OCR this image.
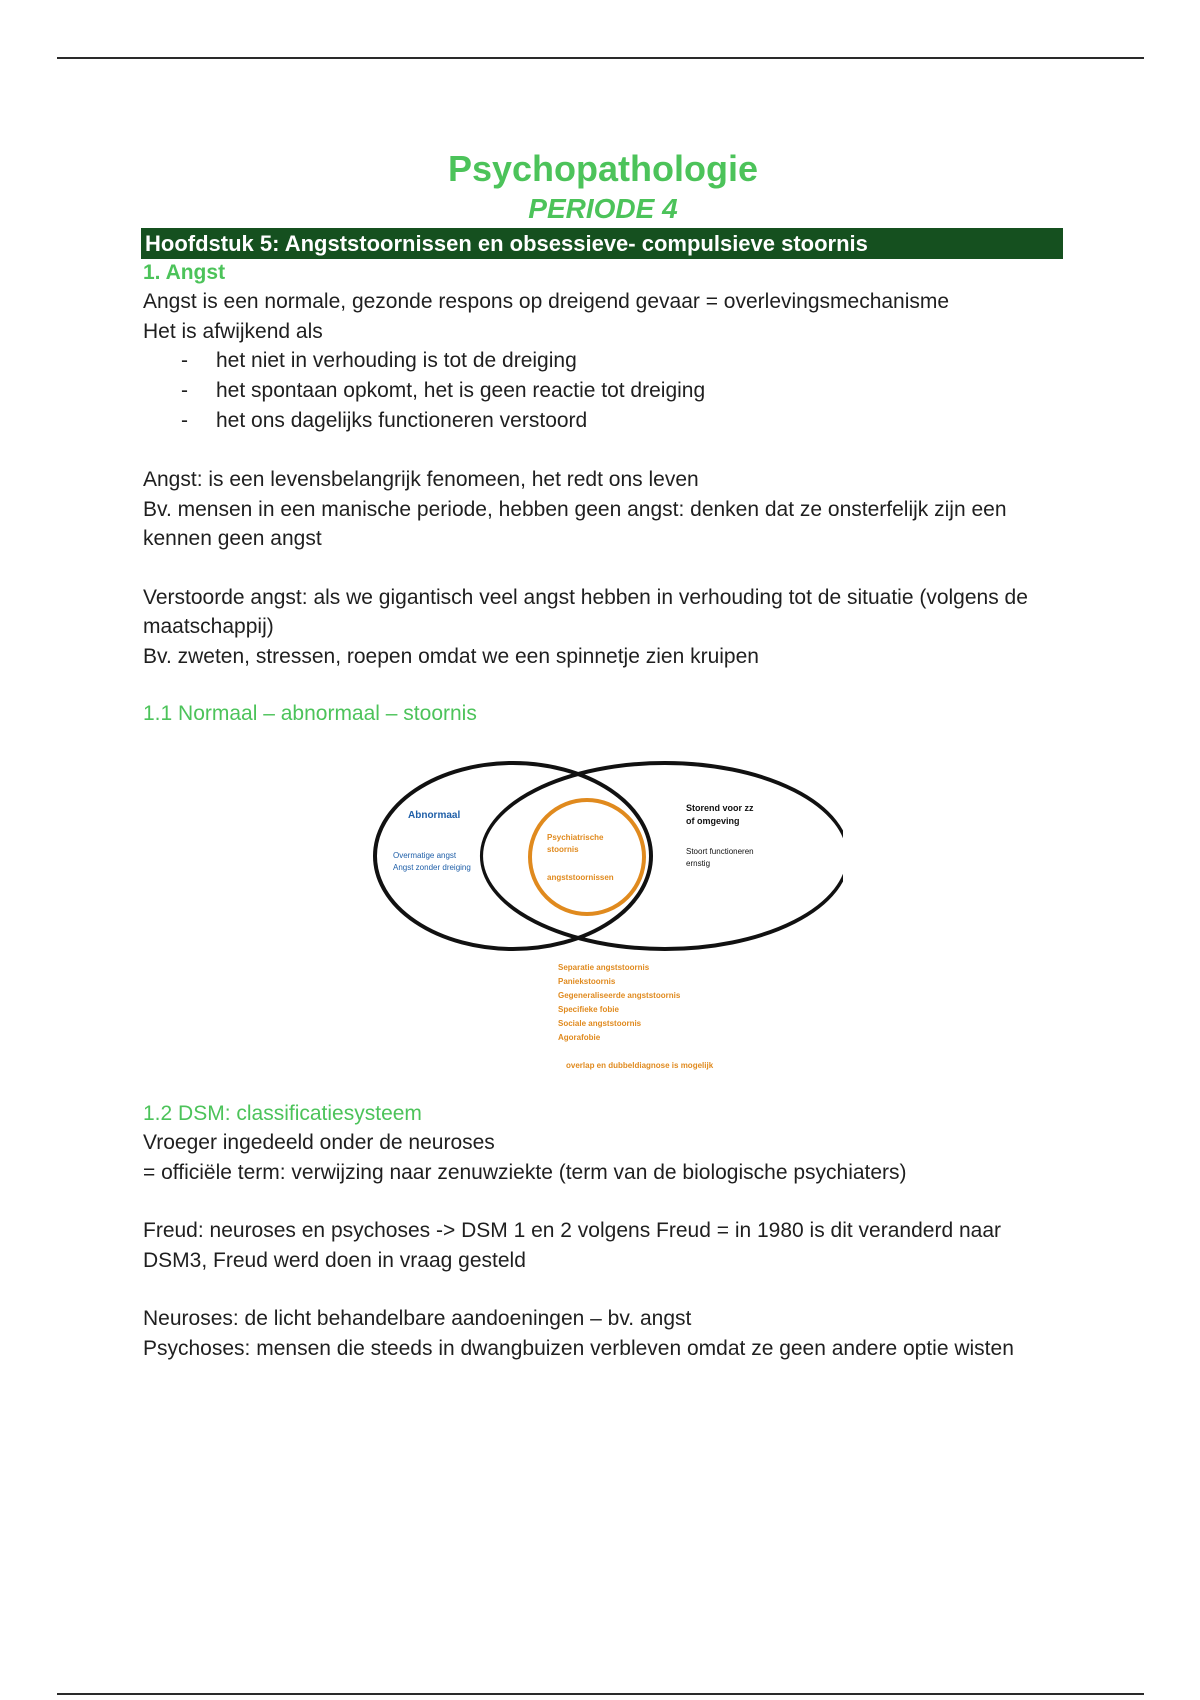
Psychopathologie
PERIODE 4
Hoofdstuk 5: Angststoornissen en obsessieve- compulsieve stoornis
1. Angst

Angst is een normale, gezonde respons op dreigend gevaar = overlevingsmechanisme

Het is afwijkend als

- het niet in verhouding is tot de dreiging
- het spontaan opkomt, het is geen reactie tot dreiging
- het ons dagelijks functioneren verstoord

Angst: is een levensbelangrijk fenomeen, het redt ons leven

Bv. mensen in een manische periode, hebben geen angst: denken dat ze onsterfelijk zijn een kennen geen angst

Verstoorde angst: als we gigantisch veel angst hebben in verhouding tot de situatie (volgens de maatschappij)

Bv. zweten, stressen, roepen omdat we een spinnetje zien kruipen

1.1 Normaal – abnormaal – stoornis
Abnormaal
Overmatige angst
Angst zonder dreiging
Storend voor zz
of omgeving
Stoort functioneren
ernstig
Psychiatrische
stoornis
angststoornissen
Separatie angststoornis
Paniekstoornis
Gegeneraliseerde angststoornis
Specifieke fobie
Sociale angststoornis
Agorafobie
overlap en dubbeldiagnose is mogelijk
1.2 DSM: classificatiesysteem

Vroeger ingedeeld onder de neuroses

= officiële term: verwijzing naar zenuwziekte (term van de biologische psychiaters)

Freud: neuroses en psychoses -> DSM 1 en 2 volgens Freud = in 1980 is dit veranderd naar DSM3, Freud werd doen in vraag gesteld

Neuroses: de licht behandelbare aandoeningen – bv. angst

Psychoses: mensen die steeds in dwangbuizen verbleven omdat ze geen andere optie wisten
